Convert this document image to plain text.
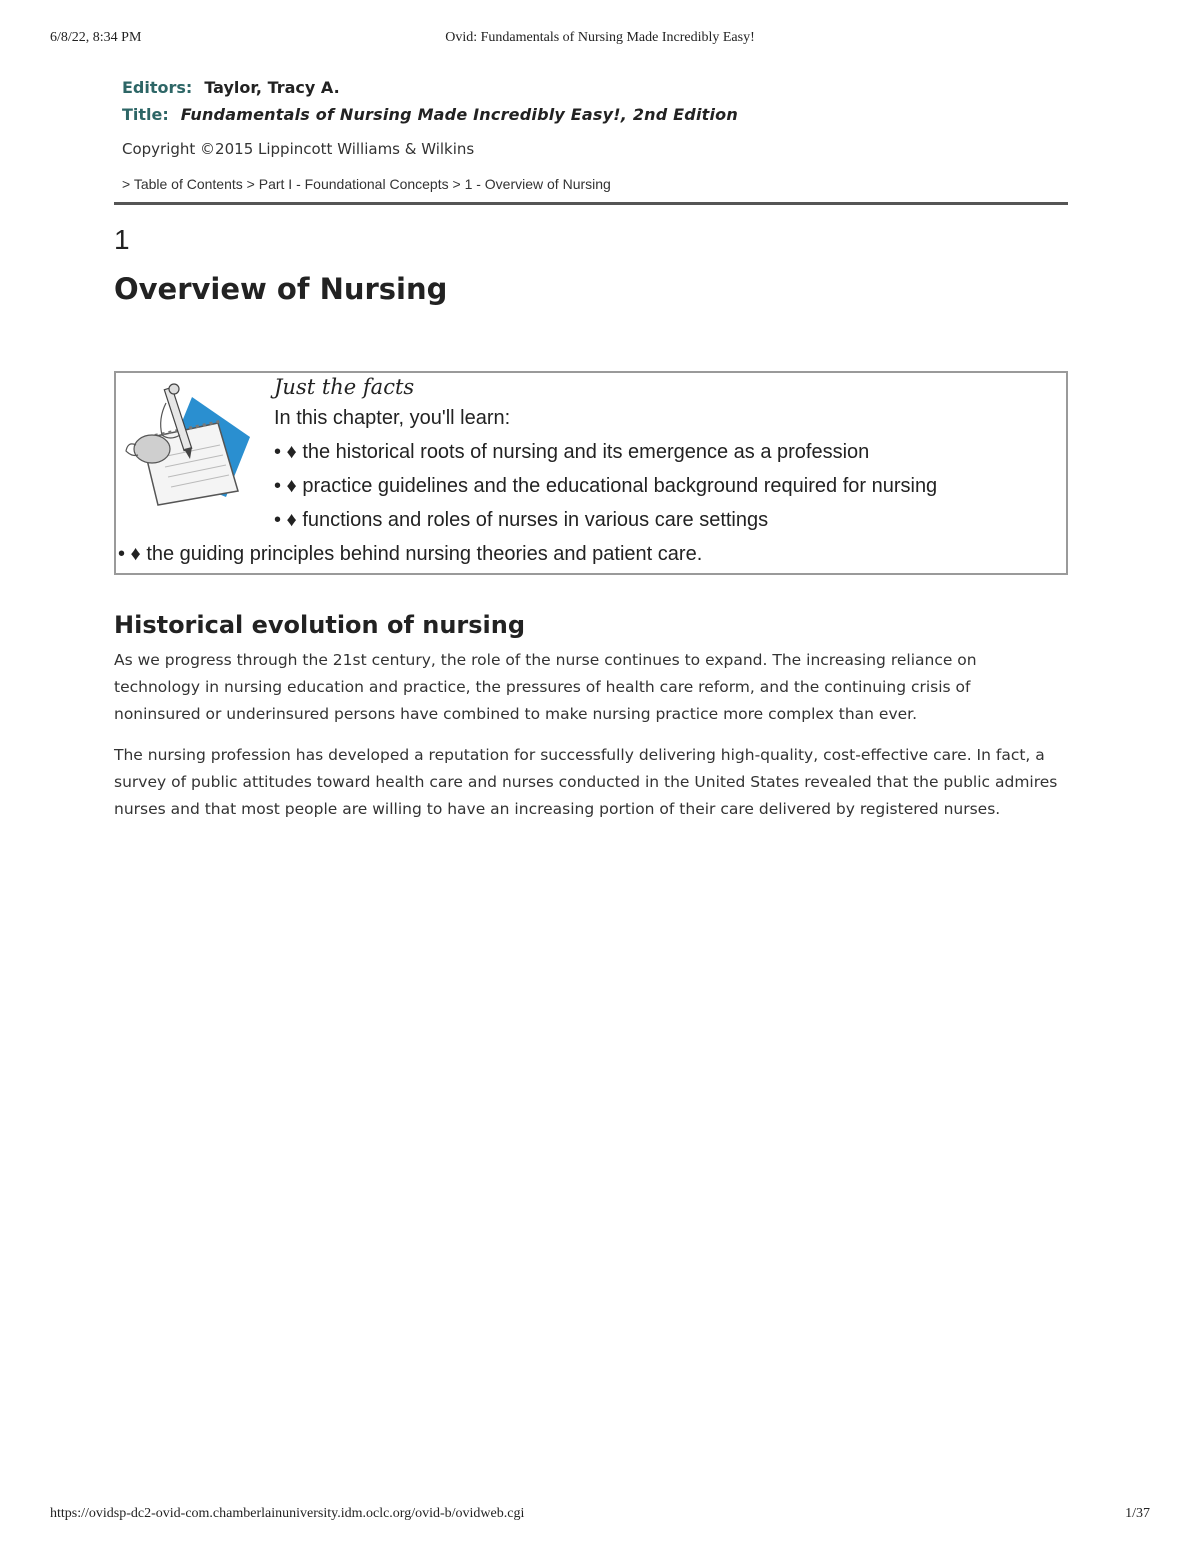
6/8/22, 8:34 PM	Ovid: Fundamentals of Nursing Made Incredibly Easy!
Editors: Taylor, Tracy A.
Title: Fundamentals of Nursing Made Incredibly Easy!, 2nd Edition
Copyright ©2015 Lippincott Williams & Wilkins
> Table of Contents > Part I - Foundational Concepts > 1 - Overview of Nursing
1
Overview of Nursing
Just the facts
In this chapter, you'll learn:
• ♦ the historical roots of nursing and its emergence as a profession
• ♦ practice guidelines and the educational background required for nursing
• ♦ functions and roles of nurses in various care settings
• ♦ the guiding principles behind nursing theories and patient care.
Historical evolution of nursing

As we progress through the 21st century, the role of the nurse continues to expand. The increasing reliance on technology in nursing education and practice, the pressures of health care reform, and the continuing crisis of noninsured or underinsured persons have combined to make nursing practice more complex than ever.

The nursing profession has developed a reputation for successfully delivering high-quality, cost-effective care. In fact, a survey of public attitudes toward health care and nurses conducted in the United States revealed that the public admires nurses and that most people are willing to have an increasing portion of their care delivered by registered nurses.

https://ovidsp-dc2-ovid-com.chamberlainuniversity.idm.oclc.org/ovid-b/ovidweb.cgi	1/37
